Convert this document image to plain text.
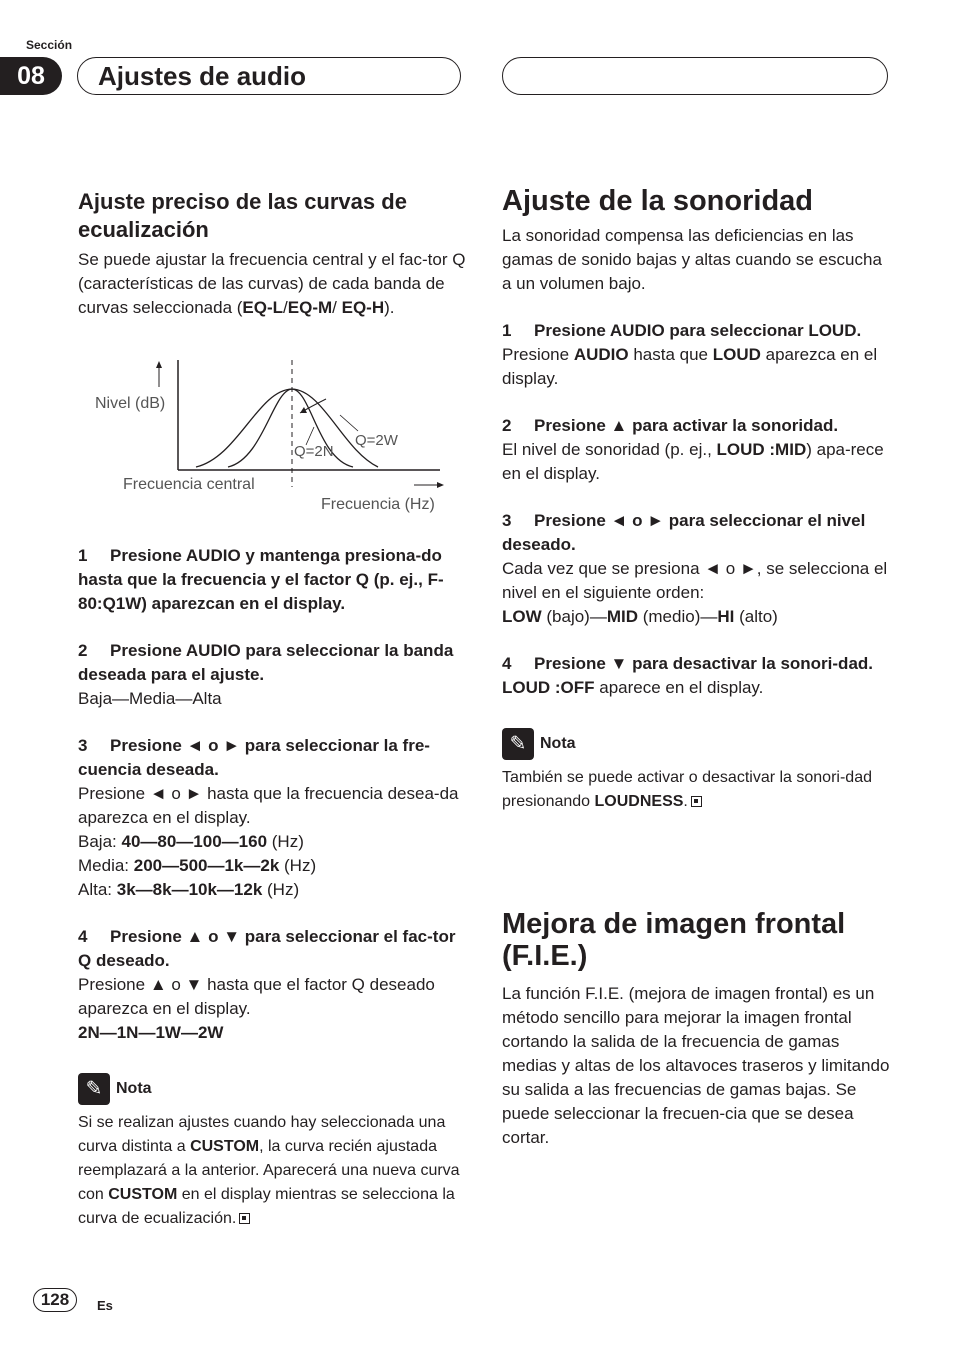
Sección
08	Ajustes de audio
Ajuste preciso de las curvas de ecualización

Se puede ajustar la frecuencia central y el fac-tor Q (características de las curvas) de cada banda de curvas seleccionada (EQ-L/EQ-M/ EQ-H).

Nivel (dB)
Frecuencia central
Frecuencia (Hz)
Q=2N
Q=2W

1 Presione AUDIO y mantenga presiona-do hasta que la frecuencia y el factor Q (p. ej., F- 80:Q1W) aparezcan en el display.

2 Presione AUDIO para seleccionar la banda deseada para el ajuste.

Baja—Media—Alta

3 Presione ◄ o ► para seleccionar la fre-cuencia deseada.

Presione ◄ o ► hasta que la frecuencia desea-da aparezca en el display.

Baja: 40—80—100—160 (Hz)

Media: 200—500—1k—2k (Hz)

Alta: 3k—8k—10k—12k (Hz)

4 Presione ▲ o ▼ para seleccionar el fac-tor Q deseado.

Presione ▲ o ▼ hasta que el factor Q deseado aparezca en el display.

2N—1N—1W—2W

✎ Nota

Si se realizan ajustes cuando hay seleccionada una curva distinta a CUSTOM, la curva recién ajustada reemplazará a la anterior. Aparecerá una nueva curva con CUSTOM en el display mientras se selecciona la curva de ecualización.

Ajuste de la sonoridad

La sonoridad compensa las deficiencias en las gamas de sonido bajas y altas cuando se escucha a un volumen bajo.

1 Presione AUDIO para seleccionar LOUD.

Presione AUDIO hasta que LOUD aparezca en el display.

2 Presione ▲ para activar la sonoridad.

El nivel de sonoridad (p. ej., LOUD :MID) apa-rece en el display.

3 Presione ◄ o ► para seleccionar el nivel deseado.

Cada vez que se presiona ◄ o ►, se selecciona el nivel en el siguiente orden:

LOW (bajo)—MID (medio)—HI (alto)

4 Presione ▼ para desactivar la sonori-dad.

LOUD :OFF aparece en el display.

✎ Nota

También se puede activar o desactivar la sonori-dad presionando LOUDNESS.

Mejora de imagen frontal (F.I.E.)

La función F.I.E. (mejora de imagen frontal) es un método sencillo para mejorar la imagen frontal cortando la salida de la frecuencia de gamas medias y altas de los altavoces traseros y limitando su salida a las frecuencias de gamas bajas. Se puede seleccionar la frecuen-cia que se desea cortar.

128	Es
